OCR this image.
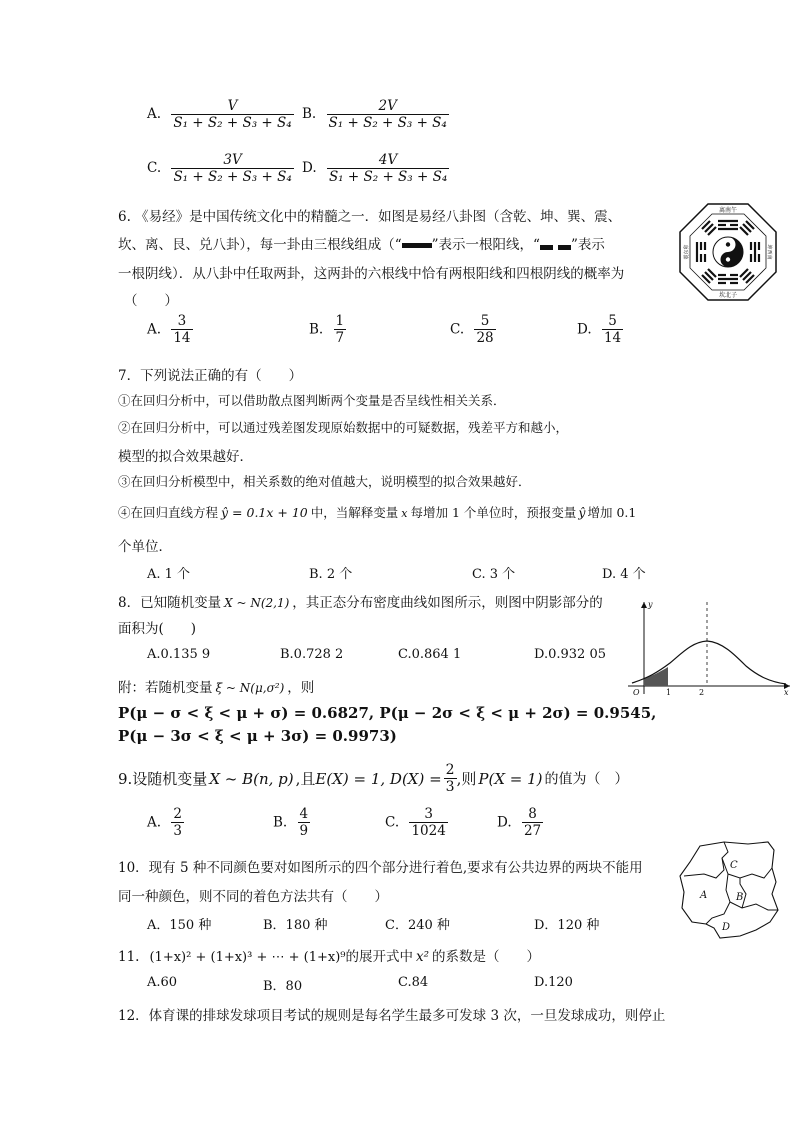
A. $\frac{V}{\text{S₁ + S₂ + S₃ + S₄}} B$. $\frac{2V}{\text{S₁ + S₂ + S₃ + S₄}}$
C. $\frac{3V}{\text{S₁ + S₂ + S₃ + S₄}} D$. $\frac{4V}{\text{S₁ + S₂ + S₃ + S₄}}$
6. 《易经》是中国传统文化中的精髓之一．如图是易经八卦图（含乾、坤、巽、震、
坎、离、艮、兑八卦），每一卦由三根线组成（“ ”表示一根阳线，“ ”表示
一根阴线）．从八卦中任取两卦，这两卦的六根线中恰有两根阳线和四根阴线的概率为
（　　）
A. $\frac{3}{14}$	B. $\frac{1}{7}$	C. $\frac{5}{28}$	D. $\frac{5}{14}$
离南午
坎北子
震东卯	坤西南
7．下列说法正确的有（　　）
①在回归分析中，可以借助散点图判断两个变量是否呈线性相关关系．
②在回归分析中，可以通过残差图发现原始数据中的可疑数据，残差平方和越小，
模型的拟合效果越好．
③在回归分析模型中，相关系数的绝对值越大，说明模型的拟合效果越好．
④在回归直线方程 ŷ = 0.1x + 10 中，当解释变量 x 每增加 1 个单位时，预报变量 ŷ 增加 0.1
个单位．
A. 1 个	B. 2 个	C. 3 个	D. 4 个
8．已知随机变量 X ~ N(2,1) ，其正态分布密度曲线如图所示，则图中阴影部分的
面积为(　　)
A.0.135 9	B.0.728 2	C.0.864 1	D.0.932 05
附：若随机变量 ξ ~ N(μ,σ²) ，则
P(μ − σ < ξ < μ + σ) = 0.6827, P(μ − 2σ < ξ < μ + 2σ) = 0.9545,
P(μ − 3σ < ξ < μ + 3σ) = 0.9973)
y
O	1	2	x
9.设随机变量 X ~ B(n, p) ,且E(X) = 1, $D(X) = \frac{2}{3}$ ,则 P(X = 1) 的值为（　）
A. $\frac{2}{3}$	B. $\frac{4}{9}$	C. $\frac{3}{1024}$	D. $\frac{8}{27}$
10．现有 5 种不同颜色要对如图所示的四个部分进行着色,要求有公共边界的两块不能用
同一种颜色，则不同的着色方法共有（　　）
A．150 种	B．180 种	C．240 种	D．120 种
A	B
C
D
11. (1+x)² + (1+x)³ + ⋯ + (1+x)⁹的展开式中 x² 的系数是（　　）
A.60	B．80	C.84	D.120
12．体育课的排球发球项目考试的规则是每名学生最多可发球 3 次，一旦发球成功，则停止
